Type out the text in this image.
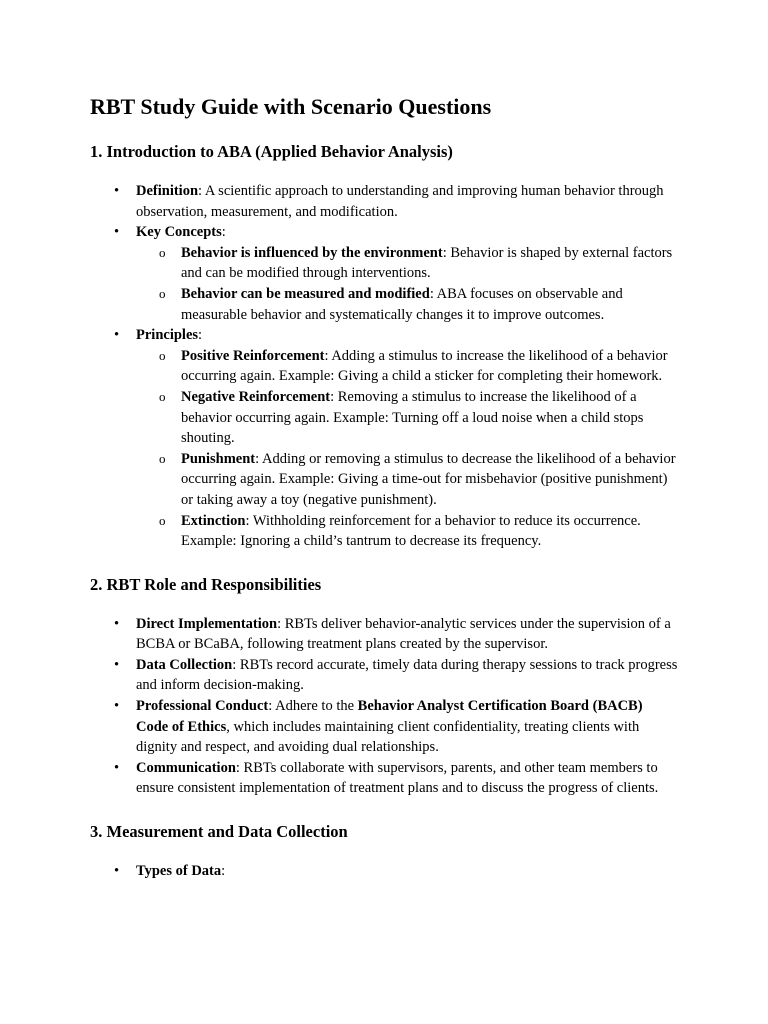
RBT Study Guide with Scenario Questions
1. Introduction to ABA (Applied Behavior Analysis)
• Definition: A scientific approach to understanding and improving human behavior through observation, measurement, and modification.
• Key Concepts:
o Behavior is influenced by the environment: Behavior is shaped by external factors and can be modified through interventions.
o Behavior can be measured and modified: ABA focuses on observable and measurable behavior and systematically changes it to improve outcomes.
• Principles:
o Positive Reinforcement: Adding a stimulus to increase the likelihood of a behavior occurring again. Example: Giving a child a sticker for completing their homework.
o Negative Reinforcement: Removing a stimulus to increase the likelihood of a behavior occurring again. Example: Turning off a loud noise when a child stops shouting.
o Punishment: Adding or removing a stimulus to decrease the likelihood of a behavior occurring again. Example: Giving a time-out for misbehavior (positive punishment) or taking away a toy (negative punishment).
o Extinction: Withholding reinforcement for a behavior to reduce its occurrence. Example: Ignoring a child’s tantrum to decrease its frequency.
2. RBT Role and Responsibilities
• Direct Implementation: RBTs deliver behavior-analytic services under the supervision of a BCBA or BCaBA, following treatment plans created by the supervisor.
• Data Collection: RBTs record accurate, timely data during therapy sessions to track progress and inform decision-making.
• Professional Conduct: Adhere to the Behavior Analyst Certification Board (BACB) Code of Ethics, which includes maintaining client confidentiality, treating clients with dignity and respect, and avoiding dual relationships.
• Communication: RBTs collaborate with supervisors, parents, and other team members to ensure consistent implementation of treatment plans and to discuss the progress of clients.
3. Measurement and Data Collection
• Types of Data:
